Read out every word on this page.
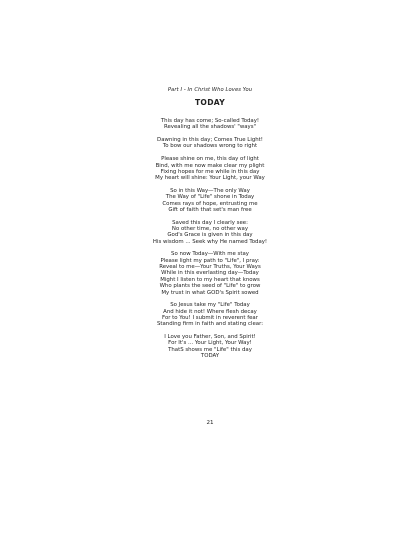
Part I - In Christ Who Loves You
TODAY
This day has come; So-called Today!
Revealing all the shadows' "ways"
Dawning in this day; Comes True Light!
To bow our shadows wrong to right
Please shine on me, this day of light
Bind, with me now make clear my plight
Fixing hopes for me while in this day
My heart will shine: Your Light, your Way
So in this Way—The only Way
The Way of "Life" shone in Today
Comes rays of hope, entrusting me
Gift of faith that set's man free
Saved this day I clearly see:
No other time, no other way
God's Grace is given in this day
His wisdom ... Seek why He named Today!
So now Today—With me stay
Please light my path to "Life", I pray:
Reveal to me—Your Truths, Your Ways
While in this everlasting day—Today
Might I listen to my heart that knows
Who plants the seed of "Life" to grow
My trust in what GOD's Spirit sowed
So Jesus take my "Life" Today
And hide it not! Where flesh decay
For to You! I submit in reverent fear
Standing firm in faith and stating clear:
I Love you Father, Son, and Spirit!
For It's ... Your Light, Your Way!
ThatS shows me "Life" this day
TODAY
21
